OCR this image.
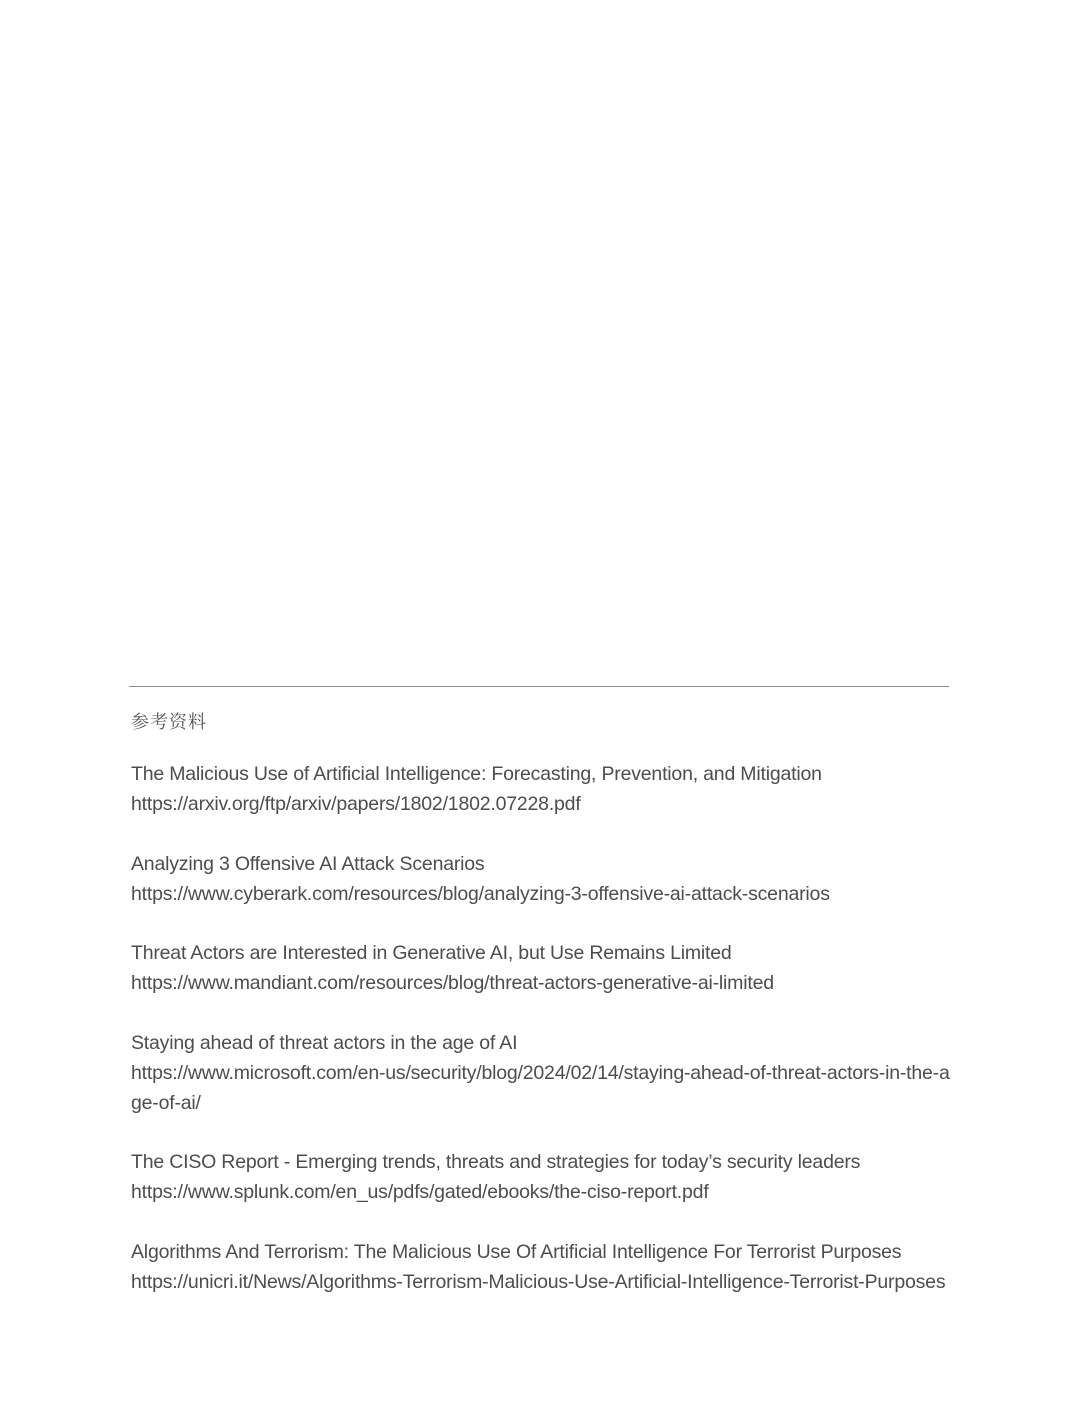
参考资料
The Malicious Use of Artificial Intelligence: Forecasting, Prevention, and Mitigation
https://arxiv.org/ftp/arxiv/papers/1802/1802.07228.pdf
Analyzing 3 Offensive AI Attack Scenarios
https://www.cyberark.com/resources/blog/analyzing-3-offensive-ai-attack-scenarios
Threat Actors are Interested in Generative AI, but Use Remains Limited
https://www.mandiant.com/resources/blog/threat-actors-generative-ai-limited
Staying ahead of threat actors in the age of AI
https://www.microsoft.com/en-us/security/blog/2024/02/14/staying-ahead-of-threat-actors-in-the-age-of-ai/
The CISO Report - Emerging trends, threats and strategies for today’s security leaders
https://www.splunk.com/en_us/pdfs/gated/ebooks/the-ciso-report.pdf
Algorithms And Terrorism: The Malicious Use Of Artificial Intelligence For Terrorist Purposes
https://unicri.it/News/Algorithms-Terrorism-Malicious-Use-Artificial-Intelligence-Terrorist-Purposes
